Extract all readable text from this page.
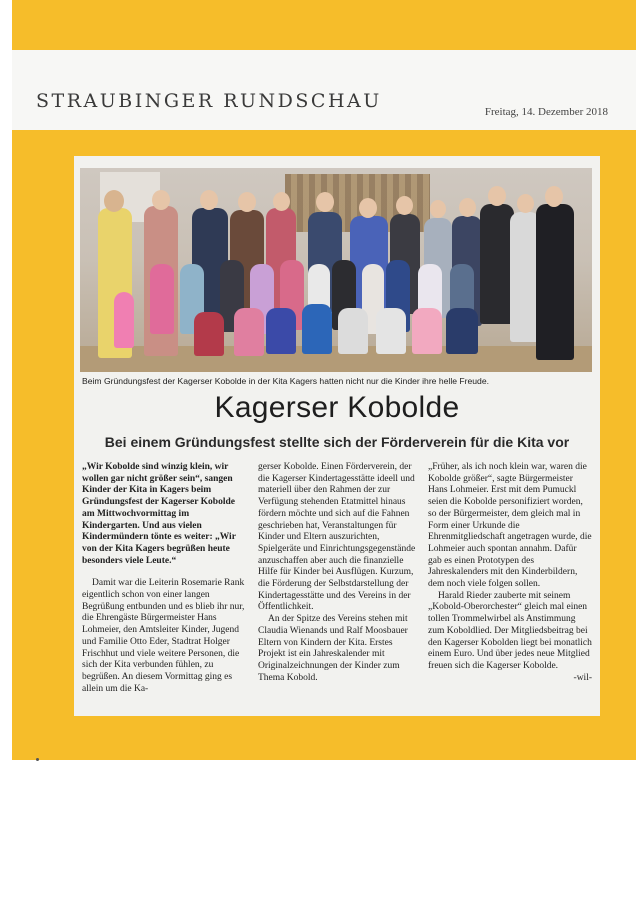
STRAUBINGER RUNDSCHAU	Freitag, 14. Dezember 2018
Beim Gründungsfest der Kagerser Kobolde in der Kita Kagers hatten nicht nur die Kinder ihre helle Freude.
Kagerser Kobolde
Bei einem Gründungsfest stellte sich der Förderverein für die Kita vor

„Wir Kobolde sind winzig klein, wir wollen gar nicht größer sein“, sangen Kinder der Kita in Kagers beim Gründungsfest der Kagerser Kobolde am Mittwochvormittag im Kindergarten. Und aus vielen Kindermündern tönte es weiter: „Wir von der Kita Kagers begrüßen heute besonders viele Leute.“

Damit war die Leiterin Rosemarie Rank eigentlich schon von einer langen Begrüßung entbunden und es blieb ihr nur, die Ehrengäste Bürgermeister Hans Lohmeier, den Amtsleiter Kinder, Jugend und Familie Otto Eder, Stadtrat Holger Frischhut und viele weitere Personen, die sich der Kita verbunden fühlen, zu begrüßen. An diesem Vormittag ging es allein um die Ka-

gerser Kobolde. Einen Förderverein, der die Kagerser Kindertagesstätte ideell und materiell über den Rahmen der zur Verfügung stehenden Etatmittel hinaus fördern möchte und sich auf die Fahnen geschrieben hat, Veranstaltungen für Kinder und Eltern auszurichten, Spielgeräte und Einrichtungsgegenstände anzuschaffen aber auch die finanzielle Hilfe für Kinder bei Ausflügen. Kurzum, die Förderung der Selbstdarstellung der Kindertagesstätte und des Vereins in der Öffentlichkeit.

An der Spitze des Vereins stehen mit Claudia Wienands und Ralf Moosbauer Eltern von Kindern der Kita. Erstes Projekt ist ein Jahreskalender mit Originalzeichnungen der Kinder zum Thema Kobold.

„Früher, als ich noch klein war, waren die Kobolde größer“, sagte Bürgermeister Hans Lohmeier. Erst mit dem Pumuckl seien die Kobolde personifiziert worden, so der Bürgermeister, dem gleich mal in Form einer Urkunde die Ehrenmitgliedschaft angetragen wurde, die Lohmeier auch spontan annahm. Dafür gab es einen Prototypen des Jahreskalenders mit den Kinderbildern, dem noch viele folgen sollen.

Harald Rieder zauberte mit seinem „Kobold-Oberorchester“ gleich mal einen tollen Trommelwirbel als Anstimmung zum Koboldlied. Der Mitgliedsbeitrag bei den Kagerser Kobolden liegt bei monatlich einem Euro. Und über jedes neue Mitglied freuen sich die Kagerser Kobolde.

-wil-
